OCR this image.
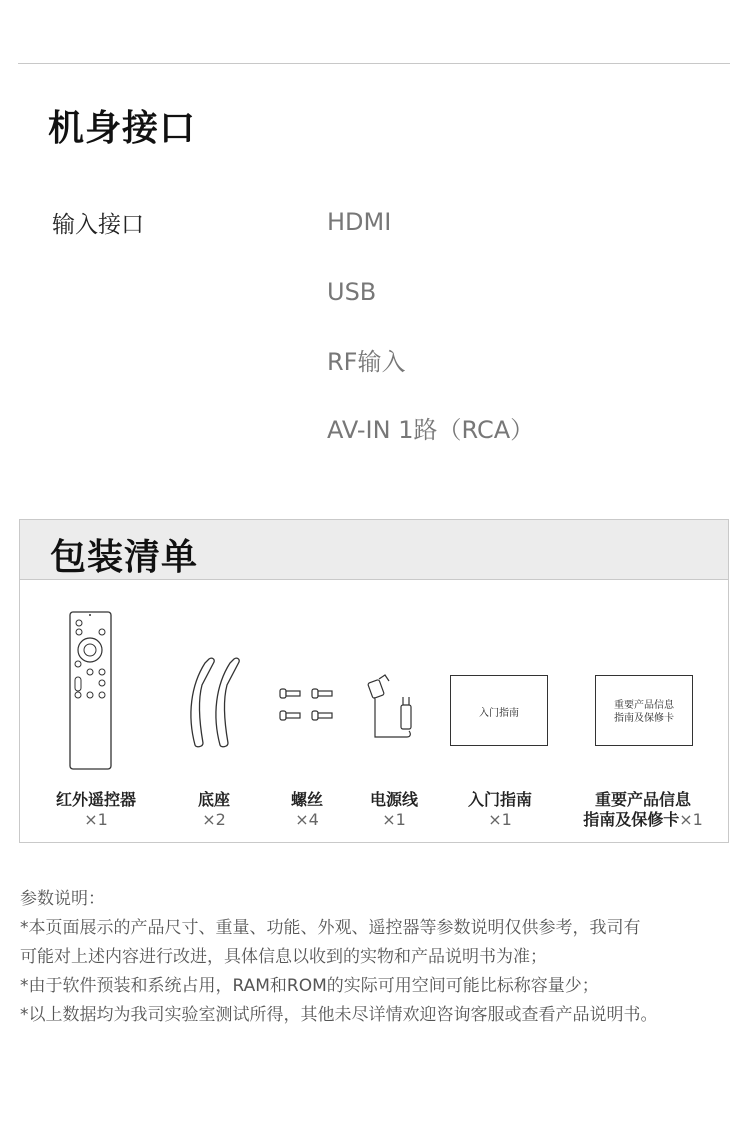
机身接口
输入接口	HDMI
USB
RF输入
AV-IN 1路（RCA）
包装清单
入门指南
重要产品信息
指南及保修卡
红外遥控器
×1
底座
×2
螺丝
×4
电源线
×1
入门指南
×1
重要产品信息
指南及保修卡×1
参数说明：
*本页面展示的产品尺寸、重量、功能、外观、遥控器等参数说明仅供参考，我司有
可能对上述内容进行改进，具体信息以收到的实物和产品说明书为准；
*由于软件预装和系统占用，RAM和ROM的实际可用空间可能比标称容量少；
*以上数据均为我司实验室测试所得，其他未尽详情欢迎咨询客服或查看产品说明书。
